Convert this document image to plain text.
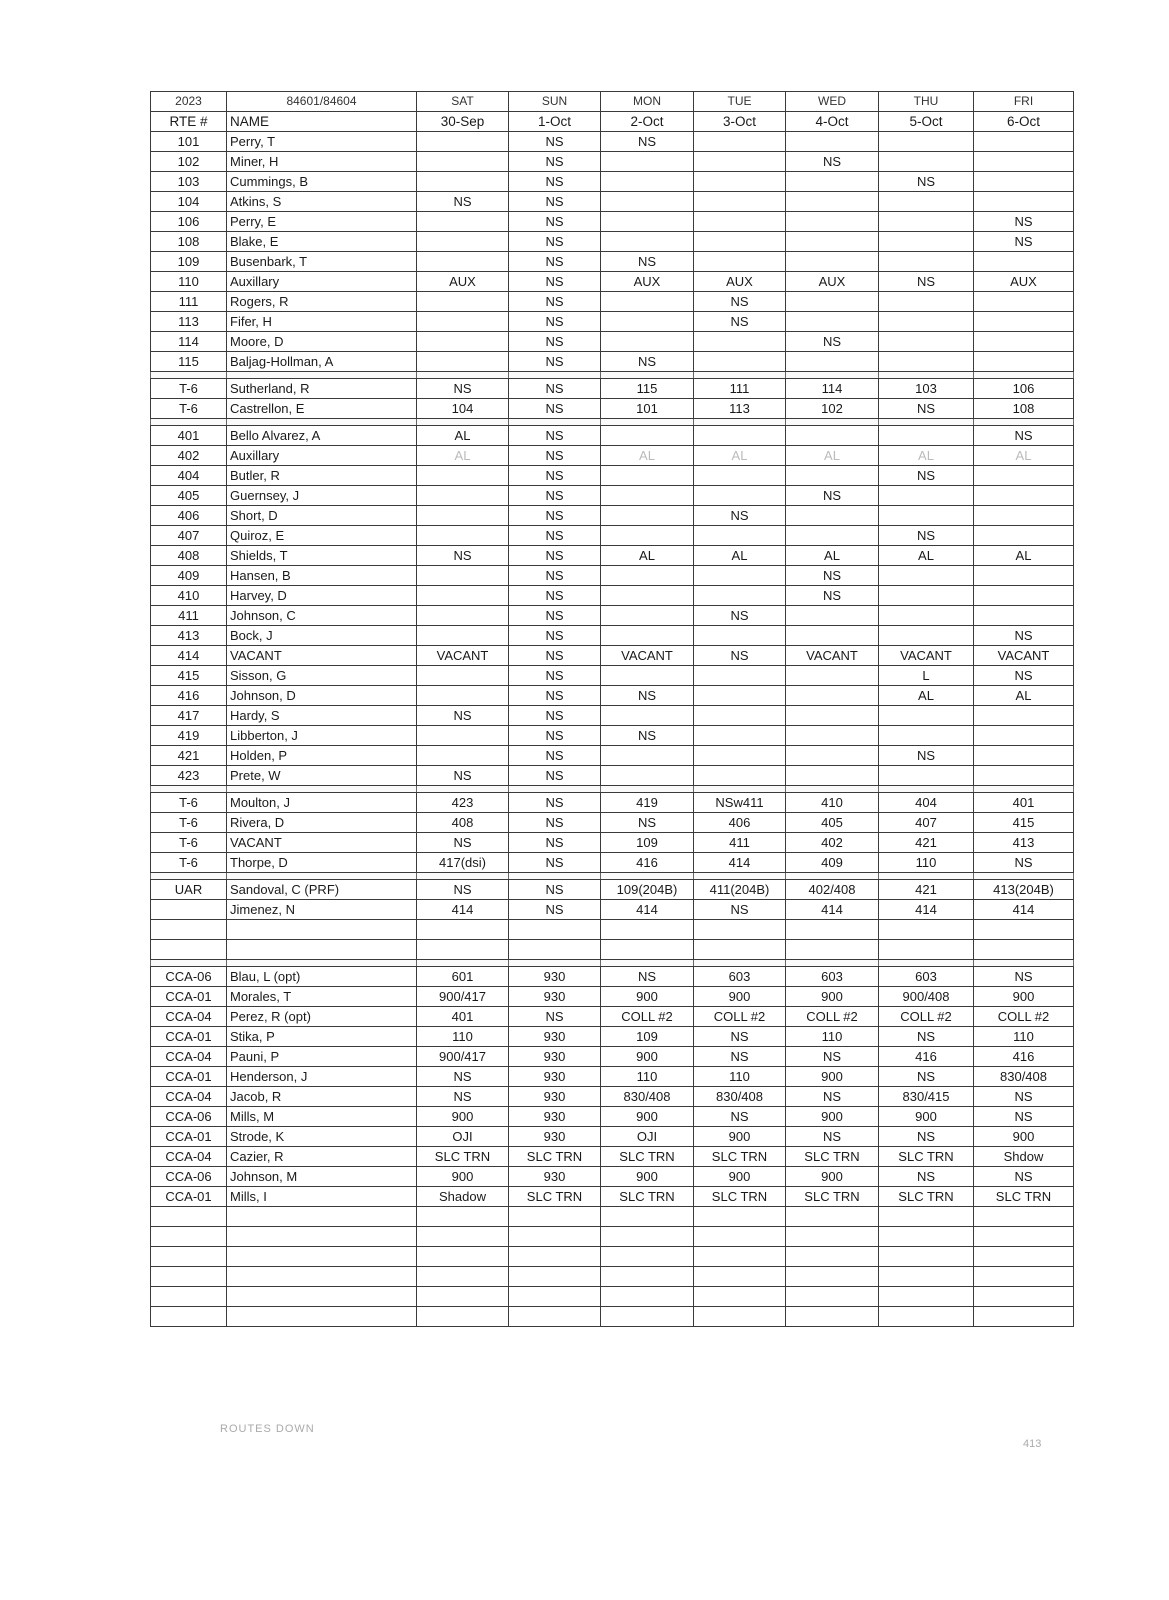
2023	84601/84604	SAT	SUN	MON	TUE	WED	THU	FRI
RTE #	NAME	30-Sep	1-Oct	2-Oct	3-Oct	4-Oct	5-Oct	6-Oct
101	Perry, T		NS	NS				
102	Miner, H		NS			NS		
103	Cummings, B		NS				NS	
104	Atkins, S	NS	NS					
106	Perry, E		NS					NS
108	Blake, E		NS					NS
109	Busenbark, T		NS	NS				
110	Auxillary	AUX	NS	AUX	AUX	AUX	NS	AUX
111	Rogers, R		NS		NS			
113	Fifer, H		NS		NS			
114	Moore, D		NS			NS		
115	Baljag-Hollman, A		NS	NS				

T-6	Sutherland, R	NS	NS	115	111	114	103	106
T-6	Castrellon, E	104	NS	101	113	102	NS	108

401	Bello Alvarez, A	AL	NS					NS
402	Auxillary	AL	NS	AL	AL	AL	AL	AL
404	Butler, R		NS				NS	
405	Guernsey, J		NS			NS		
406	Short, D		NS		NS			
407	Quiroz, E		NS				NS	
408	Shields, T	NS	NS	AL	AL	AL	AL	AL
409	Hansen, B		NS			NS		
410	Harvey, D		NS			NS		
411	Johnson, C		NS		NS			
413	Bock, J		NS					NS
414	VACANT	VACANT	NS	VACANT	NS	VACANT	VACANT	VACANT
415	Sisson, G		NS				L	NS
416	Johnson, D		NS	NS			AL	AL
417	Hardy, S	NS	NS					
419	Libberton, J		NS	NS				
421	Holden, P		NS				NS	
423	Prete, W	NS	NS					

T-6	Moulton, J	423	NS	419	NSw411	410	404	401
T-6	Rivera, D	408	NS	NS	406	405	407	415
T-6	VACANT	NS	NS	109	411	402	421	413
T-6	Thorpe, D	417(dsi)	NS	416	414	409	110	NS

UAR	Sandoval, C (PRF)	NS	NS	109(204B)	411(204B)	402/408	421	413(204B)
	Jimenez, N	414	NS	414	NS	414	414	414

CCA-06	Blau, L (opt)	601	930	NS	603	603	603	NS
CCA-01	Morales, T	900/417	930	900	900	900	900/408	900
CCA-04	Perez, R (opt)	401	NS	COLL #2	COLL #2	COLL #2	COLL #2	COLL #2
CCA-01	Stika, P	110	930	109	NS	110	NS	110
CCA-04	Pauni, P	900/417	930	900	NS	NS	416	416
CCA-01	Henderson, J	NS	930	110	110	900	NS	830/408
CCA-04	Jacob, R	NS	930	830/408	830/408	NS	830/415	NS
CCA-06	Mills, M	900	930	900	NS	900	900	NS
CCA-01	Strode, K	OJI	930	OJI	900	NS	NS	900
CCA-04	Cazier, R	SLC TRN	SLC TRN	SLC TRN	SLC TRN	SLC TRN	SLC TRN	Shdow
CCA-06	Johnson, M	900	930	900	900	900	NS	NS
CCA-01	Mills, I	Shadow	SLC TRN	SLC TRN	SLC TRN	SLC TRN	SLC TRN	SLC TRN

ROUTES DOWN
413
